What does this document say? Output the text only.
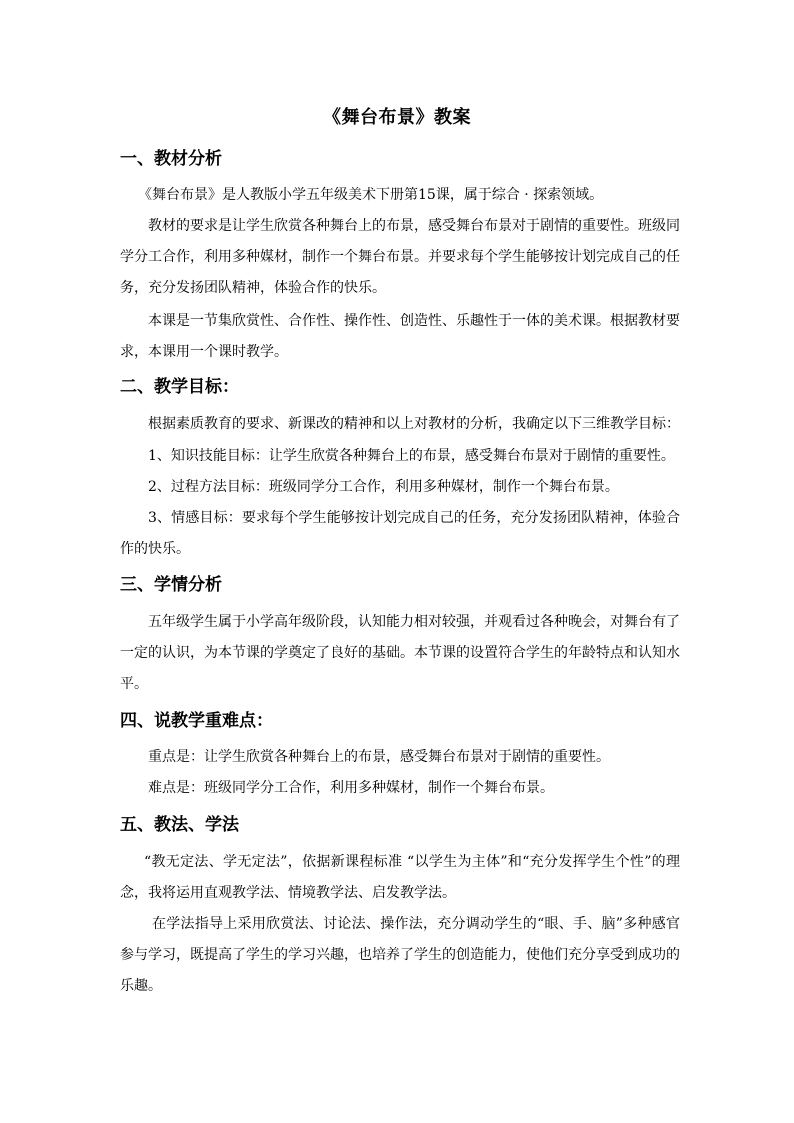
《舞台布景》教案
一、教材分析
《舞台布景》是人教版小学五年级美术下册第15课，属于综合 · 探索领域。
教材的要求是让学生欣赏各种舞台上的布景，感受舞台布景对于剧情的重要性。班级同学分工合作，利用多种媒材，制作一个舞台布景。并要求每个学生能够按计划完成自己的任务，充分发扬团队精神，体验合作的快乐。
本课是一节集欣赏性、合作性、操作性、创造性、乐趣性于一体的美术课。根据教材要求，本课用一个课时教学。
二、教学目标：
根据素质教育的要求、新课改的精神和以上对教材的分析，我确定以下三维教学目标：
1、知识技能目标：让学生欣赏各种舞台上的布景，感受舞台布景对于剧情的重要性。
2、过程方法目标：班级同学分工合作，利用多种媒材，制作一个舞台布景。
3、情感目标：要求每个学生能够按计划完成自己的任务，充分发扬团队精神，体验合作的快乐。
三、学情分析
五年级学生属于小学高年级阶段，认知能力相对较强，并观看过各种晚会，对舞台有了一定的认识，为本节课的学奠定了良好的基础。本节课的设置符合学生的年龄特点和认知水平。
四、说教学重难点：
重点是：让学生欣赏各种舞台上的布景，感受舞台布景对于剧情的重要性。
难点是：班级同学分工合作，利用多种媒材，制作一个舞台布景。
五、教法、学法
“教无定法、学无定法”，依据新课程标准 “以学生为主体”和“充分发挥学生个性”的理念，我将运用直观教学法、情境教学法、启发教学法。
在学法指导上采用欣赏法、讨论法、操作法，充分调动学生的“眼、手、脑”多种感官参与学习，既提高了学生的学习兴趣，也培养了学生的创造能力，使他们充分享受到成功的乐趣。
